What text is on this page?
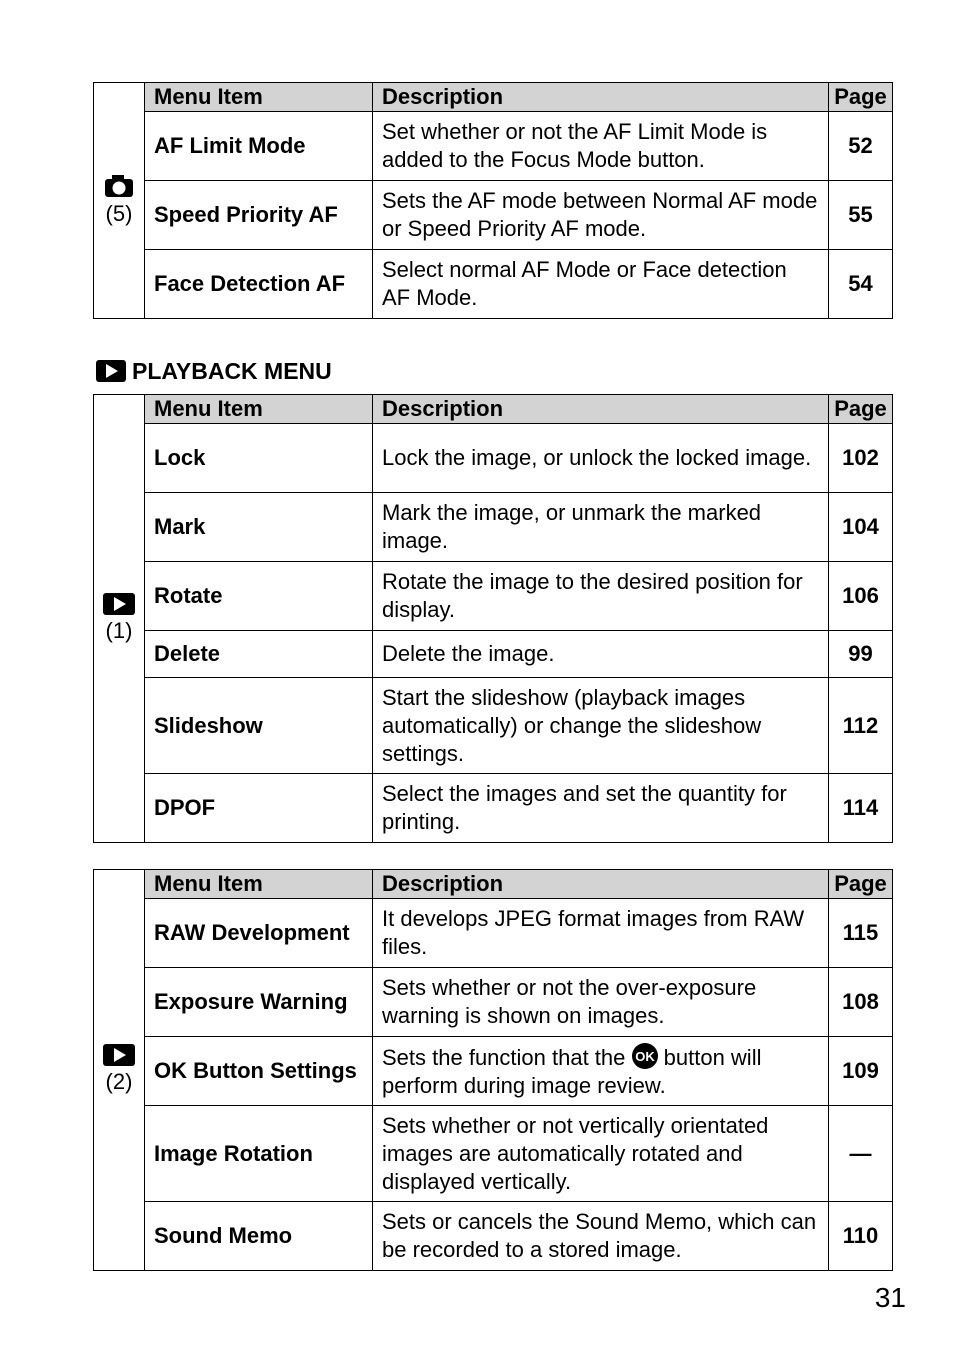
(5)	Menu Item	Description	Page
	AF Limit Mode	Set whether or not the AF Limit Mode is added to the Focus Mode button.	52
	Speed Priority AF	Sets the AF mode between Normal AF mode or Speed Priority AF mode.	55
	Face Detection AF	Select normal AF Mode or Face detection AF Mode.	54
PLAYBACK MENU
(1)	Menu Item	Description	Page
	Lock	Lock the image, or unlock the locked image.	102
	Mark	Mark the image, or unmark the marked image.	104
	Rotate	Rotate the image to the desired position for display.	106
	Delete	Delete the image.	99
	Slideshow	Start the slideshow (playback images automatically) or change the slideshow settings.	112
	DPOF	Select the images and set the quantity for printing.	114
(2)	Menu Item	Description	Page
	RAW Development	It develops JPEG format images from RAW files.	115
	Exposure Warning	Sets whether or not the over-exposure warning is shown on images.	108
	OK Button Settings	Sets the function that the OK button will perform during image review.	109
	Image Rotation	Sets whether or not vertically orientated images are automatically rotated and displayed vertically.	—
	Sound Memo	Sets or cancels the Sound Memo, which can be recorded to a stored image.	110
31
